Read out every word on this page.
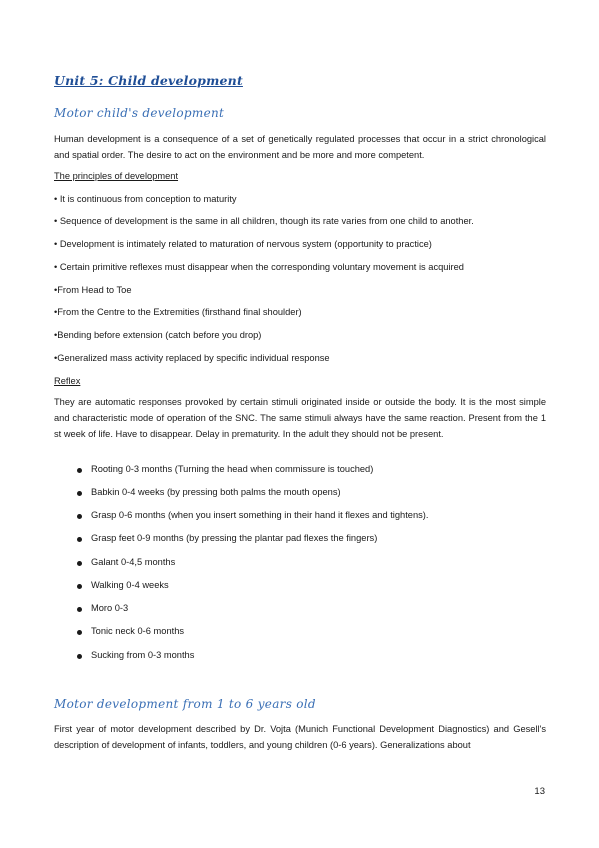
Unit 5: Child development
Motor child's development
Human development is a consequence of a set of genetically regulated processes that occur in a strict chronological and spatial order. The desire to act on the environment and be more and more competent.
The principles of development
• It is continuous from conception to maturity
• Sequence of development is the same in all children, though its rate varies from one child to another.
• Development is intimately related to maturation of nervous system (opportunity to practice)
• Certain primitive reflexes must disappear when the corresponding voluntary movement is acquired
•From Head to Toe
•From the Centre to the Extremities (firsthand final shoulder)
•Bending before extension (catch before you drop)
•Generalized mass activity replaced by specific individual response
Reflex
They are automatic responses provoked by certain stimuli originated inside or outside the body. It is the most simple and characteristic mode of operation of the SNC. The same stimuli always have the same reaction. Present from the 1 st week of life. Have to disappear. Delay in prematurity. In the adult they should not be present.
Rooting 0-3 months (Turning the head when commissure is touched)
Babkin 0-4 weeks (by pressing both palms the mouth opens)
Grasp 0-6 months (when you insert something in their hand it flexes and tightens).
Grasp feet 0-9 months (by pressing the plantar pad flexes the fingers)
Galant 0-4,5 months
Walking 0-4 weeks
Moro 0-3
Tonic neck 0-6 months
Sucking from 0-3 months
Motor development from 1 to 6 years old
First year of motor development described by Dr. Vojta (Munich Functional Development Diagnostics) and Gesell's description of development of infants, toddlers, and young children (0-6 years). Generalizations about
13
